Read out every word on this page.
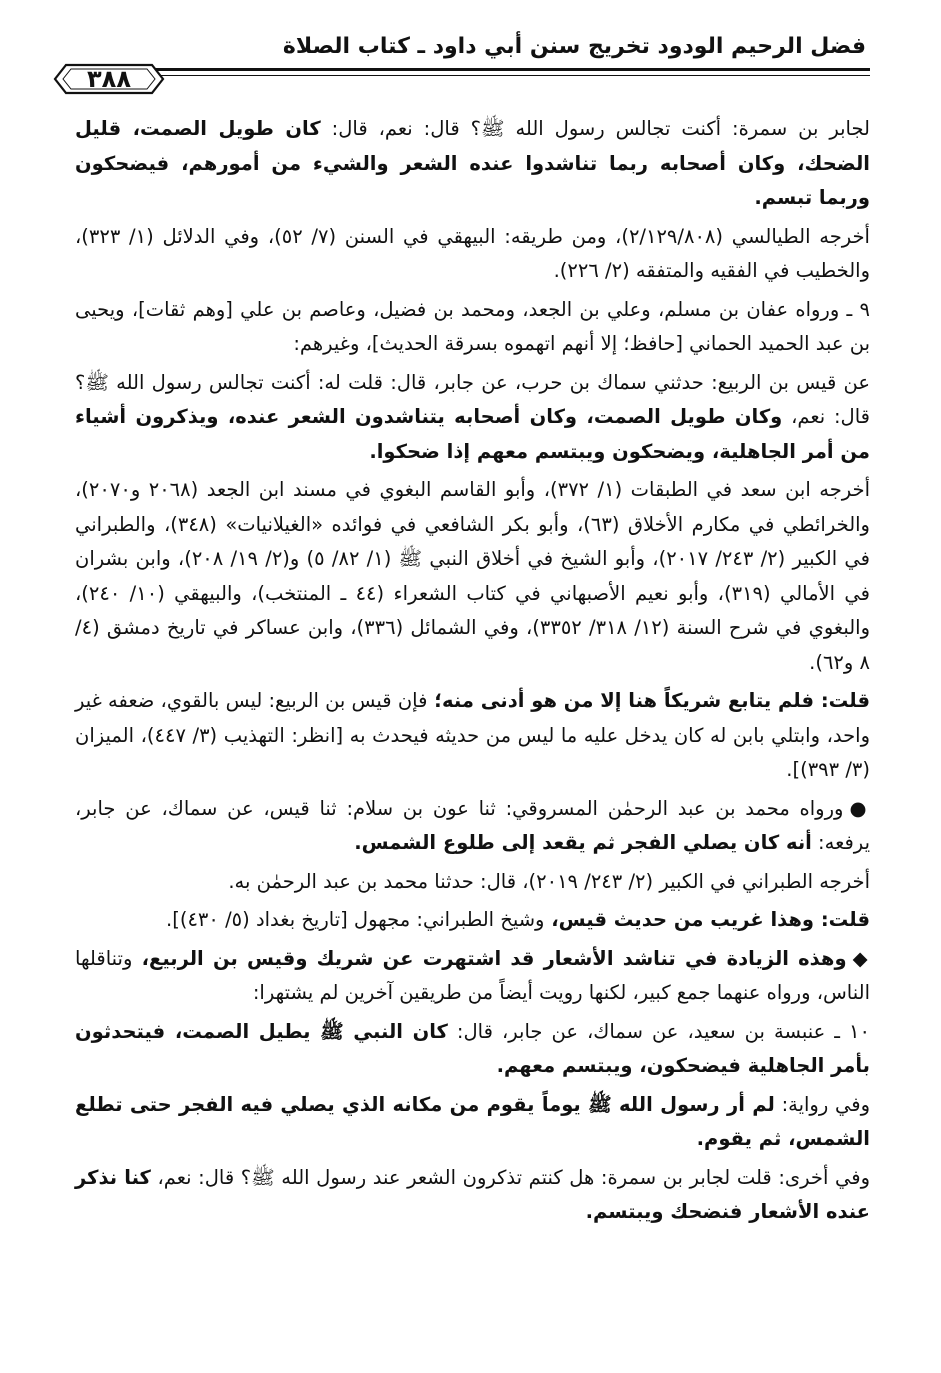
فضل الرحيم الودود تخريج سنن أبي داود ـ كتاب الصلاة
٣٨٨

لجابر بن سمرة: أكنت تجالس رسول الله ﷺ؟ قال: نعم، قال: كان طويل الصمت، قليل الضحك، وكان أصحابه ربما تناشدوا عنده الشعر والشيء من أمورهم، فيضحكون وربما تبسم.

أخرجه الطيالسي (٢/١٢٩/٨٠٨)، ومن طريقه: البيهقي في السنن (٧/ ٥٢)، وفي الدلائل (١/ ٣٢٣)، والخطيب في الفقيه والمتفقه (٢/ ٢٢٦).

٩ ـ ورواه عفان بن مسلم، وعلي بن الجعد، ومحمد بن فضيل، وعاصم بن علي [وهم ثقات]، ويحيى بن عبد الحميد الحماني [حافظ؛ إلا أنهم اتهموه بسرقة الحديث]، وغيرهم:

عن قيس بن الربيع: حدثني سماك بن حرب، عن جابر، قال: قلت له: أكنت تجالس رسول الله ﷺ؟ قال: نعم، وكان طويل الصمت، وكان أصحابه يتناشدون الشعر عنده، ويذكرون أشياء من أمر الجاهلية، ويضحكون ويبتسم معهم إذا ضحكوا.

أخرجه ابن سعد في الطبقات (١/ ٣٧٢)، وأبو القاسم البغوي في مسند ابن الجعد (٢٠٦٨ و٢٠٧٠)، والخرائطي في مكارم الأخلاق (٦٣)، وأبو بكر الشافعي في فوائده «الغيلانيات» (٣٤٨)، والطبراني في الكبير (٢/ ٢٤٣/ ٢٠١٧)، وأبو الشيخ في أخلاق النبي ﷺ (١/ ٨٢/ ٥) و(٢/ ١٩/ ٢٠٨)، وابن بشران في الأمالي (٣١٩)، وأبو نعيم الأصبهاني في كتاب الشعراء (٤٤ ـ المنتخب)، والبيهقي (١٠/ ٢٤٠)، والبغوي في شرح السنة (١٢/ ٣١٨/ ٣٣٥٢)، وفي الشمائل (٣٣٦)، وابن عساكر في تاريخ دمشق (٤/ ٨ و٦٢).

قلت: فلم يتابع شريكاً هنا إلا من هو أدنى منه؛ فإن قيس بن الربيع: ليس بالقوي، ضعفه غير واحد، وابتلي بابن له كان يدخل عليه ما ليس من حديثه فيحدث به [انظر: التهذيب (٣/ ٤٤٧)، الميزان (٣/ ٣٩٣)].

●ورواه محمد بن عبد الرحمٰن المسروقي: ثنا عون بن سلام: ثنا قيس، عن سماك، عن جابر، يرفعه: أنه كان يصلي الفجر ثم يقعد إلى طلوع الشمس.

أخرجه الطبراني في الكبير (٢/ ٢٤٣/ ٢٠١٩)، قال: حدثنا محمد بن عبد الرحمٰن به.

قلت: وهذا غريب من حديث قيس، وشيخ الطبراني: مجهول [تاريخ بغداد (٥/ ٤٣٠)].

◆وهذه الزيادة في تناشد الأشعار قد اشتهرت عن شريك وقيس بن الربيع، وتناقلها الناس، ورواه عنهما جمع كبير، لكنها رويت أيضاً من طريقين آخرين لم يشتهرا:

١٠ ـ عنبسة بن سعيد، عن سماك، عن جابر، قال: كان النبي ﷺ يطيل الصمت، فيتحدثون بأمر الجاهلية فيضحكون، ويبتسم معهم.

وفي رواية: لم أر رسول الله ﷺ يوماً يقوم من مكانه الذي يصلي فيه الفجر حتى تطلع الشمس، ثم يقوم.

وفي أخرى: قلت لجابر بن سمرة: هل كنتم تذكرون الشعر عند رسول الله ﷺ؟ قال: نعم، كنا نذكر عنده الأشعار فنضحك ويبتسم.
